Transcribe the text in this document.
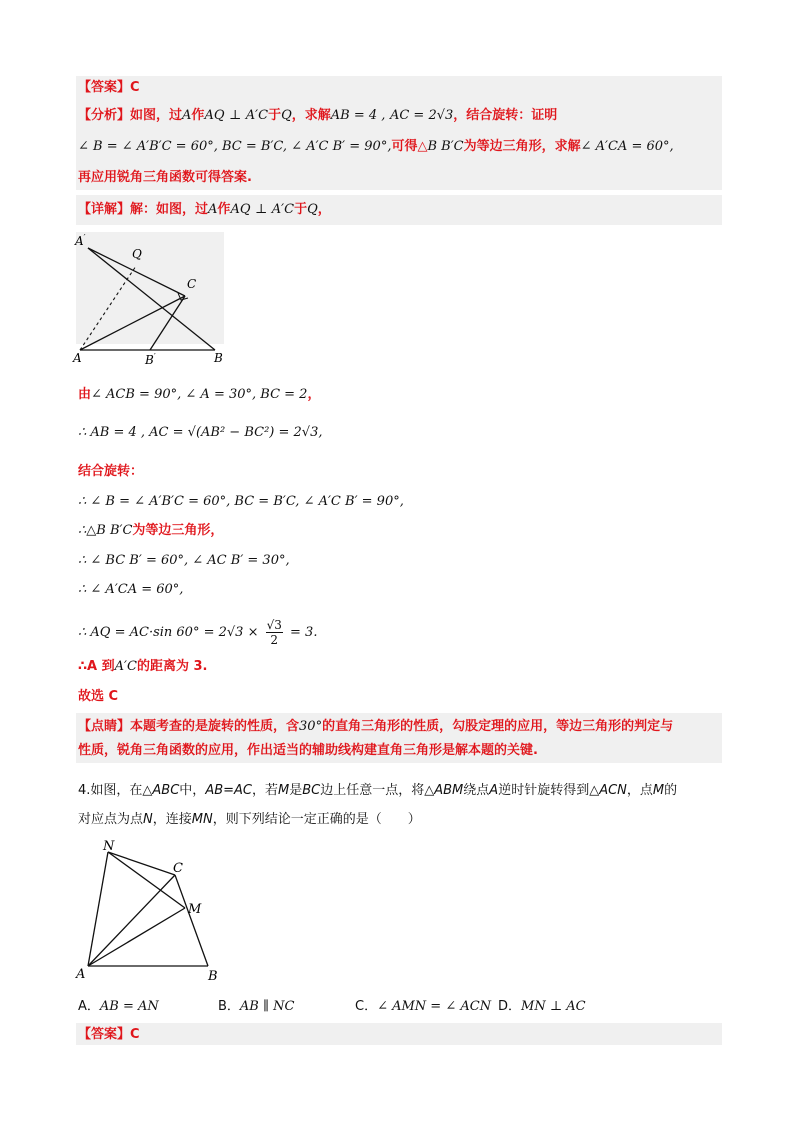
【答案】C
【分析】如图，过A作AQ ⊥ A′C于Q，求解AB = 4 , AC = 2√3，结合旋转：证明
∠ B = ∠ A′B′C = 60°, BC = B′C, ∠ A′C B′ = 90°,可得△B B′C为等边三角形，求解∠ A′CA = 60°,
再应用锐角三角函数可得答案.
【详解】解：如图，过A作AQ ⊥ A′C于Q，
A′
Q
C
A	B′	B
由∠ ACB = 90°, ∠ A = 30°, BC = 2，
∴ AB = 4 , AC = √(AB² − BC²) = 2√3,
结合旋转：
∴ ∠ B = ∠ A′B′C = 60°, BC = B′C, ∠ A′C B′ = 90°,
∴△B B′C为等边三角形，
∴ ∠ BC B′ = 60°, ∠ AC B′ = 30°,
∴ ∠ A′CA = 60°,
∴ AQ = AC·sin $60^\circ = 2√3 \times \frac{√3}{2} = 3$.
∴A 到A′C的距离为 3.
故选 C
【点睛】本题考查的是旋转的性质，含30°的直角三角形的性质，勾股定理的应用，等边三角形的判定与
性质，锐角三角函数的应用，作出适当的辅助线构建直角三角形是解本题的关键.
4.如图，在△ABC中，AB=AC，若M是BC边上任意一点，将△ABM绕点A逆时针旋转得到△ACN，点M的
对应点为点N，连接MN，则下列结论一定正确的是（　　）
N
C
M
A	B
A．AB = AN	B．AB ∥ NC	C．∠ AMN = ∠ ACN D．MN ⊥ AC
【答案】C
